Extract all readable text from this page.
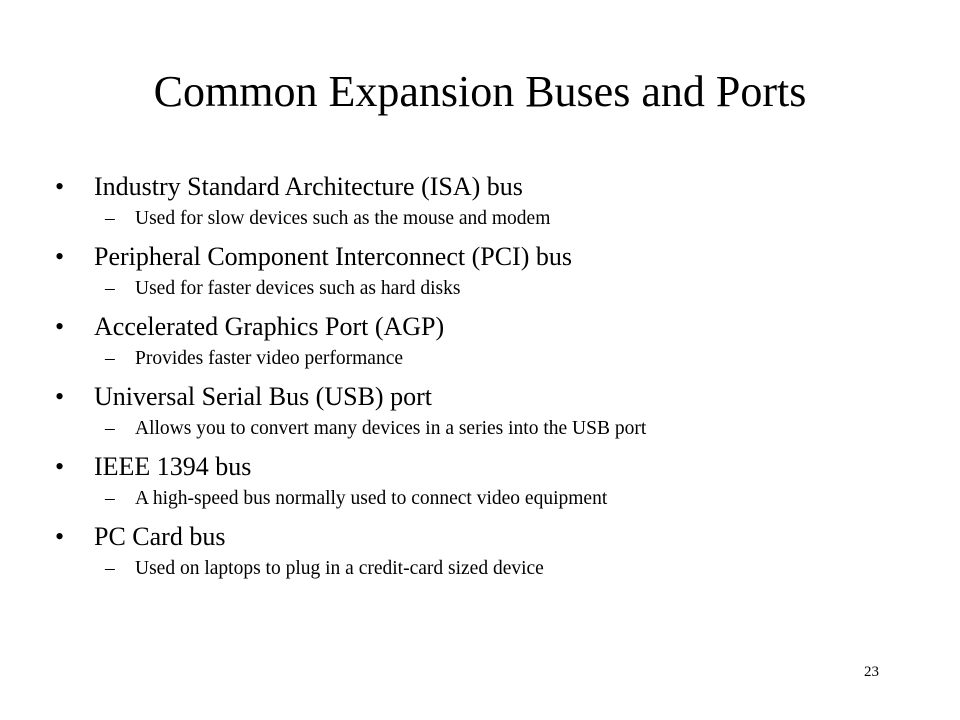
Common Expansion Buses and Ports
•	Industry Standard Architecture (ISA) bus
–	Used for slow devices such as the mouse and modem
•	Peripheral Component Interconnect (PCI) bus
–	Used for faster devices such as hard disks
•	Accelerated Graphics Port (AGP)
–	Provides faster video performance
•	Universal Serial Bus (USB) port
–	Allows you to convert many devices in a series into the USB port
•	IEEE 1394 bus
–	A high-speed bus normally used to connect video equipment
•	PC Card bus
–	Used on laptops to plug in a credit-card sized device
23
